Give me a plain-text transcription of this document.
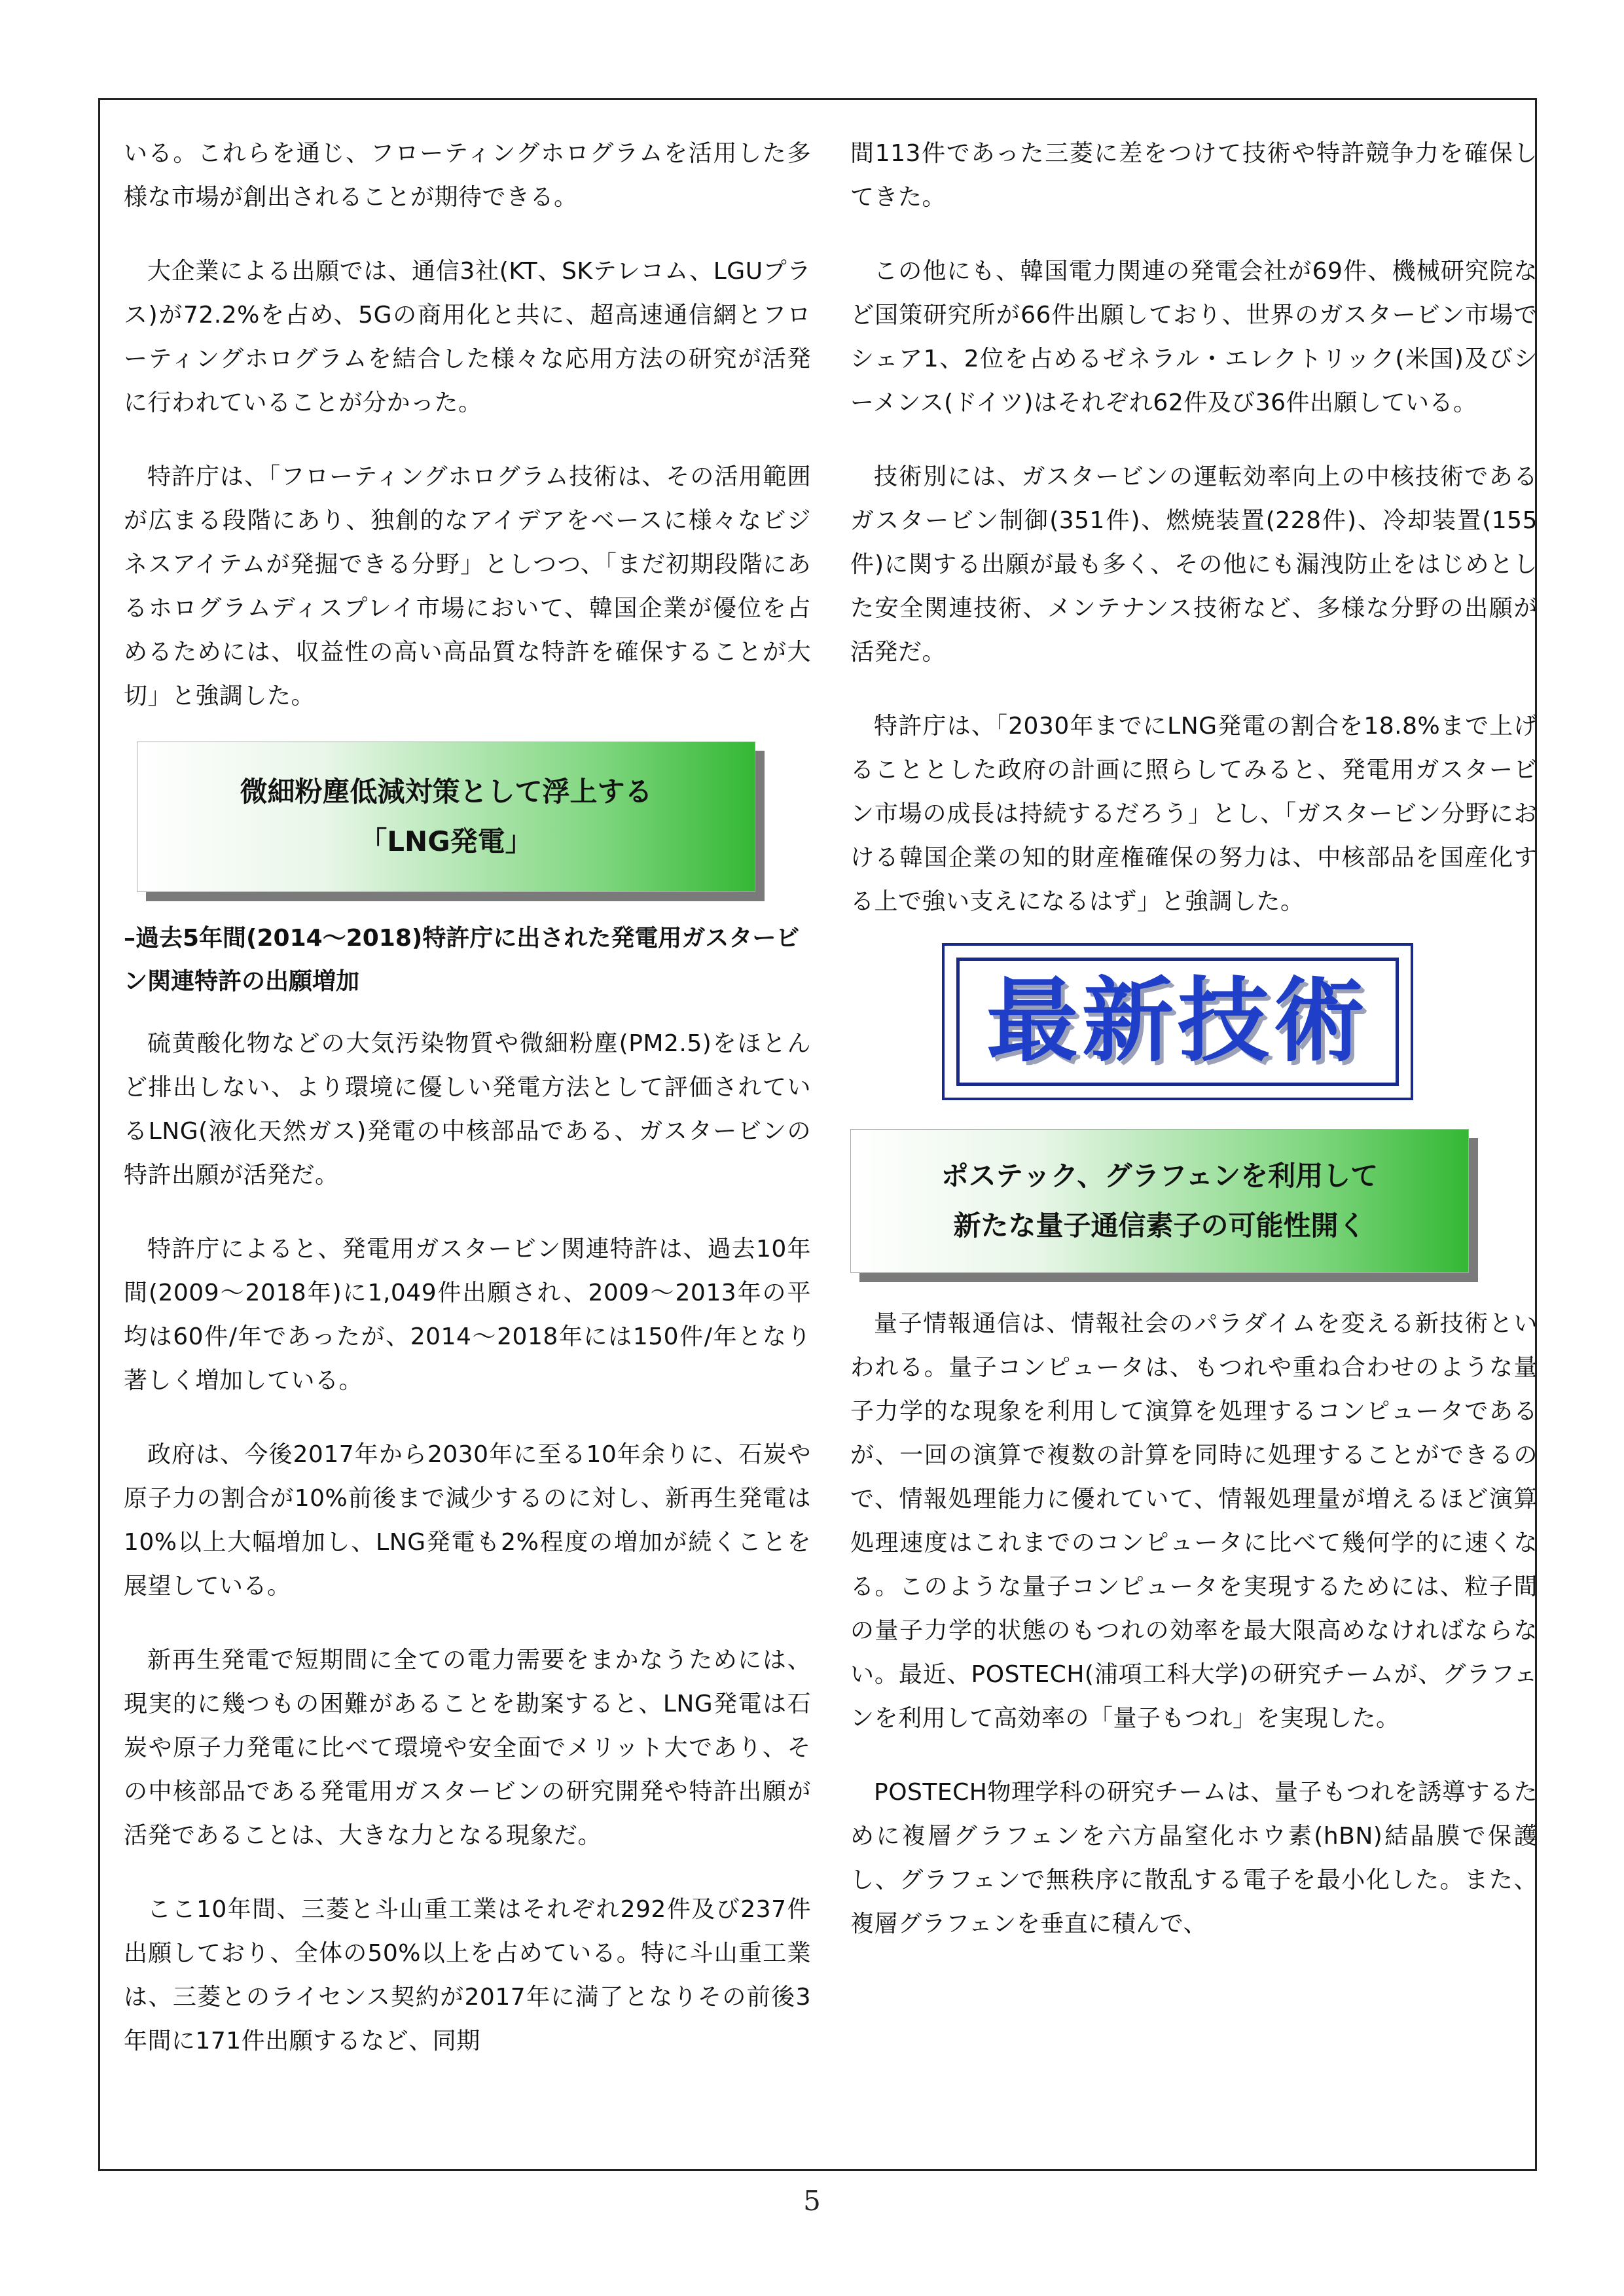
いる。これらを通じ、フローティングホログラムを活用した多様な市場が創出されることが期待できる。

大企業による出願では、通信3社(KT、SKテレコム、LGUプラス)が72.2%を占め、5Gの商用化と共に、超高速通信網とフローティングホログラムを結合した様々な応用方法の研究が活発に行われていることが分かった。

特許庁は、「フローティングホログラム技術は、その活用範囲が広まる段階にあり、独創的なアイデアをベースに様々なビジネスアイテムが発掘できる分野」としつつ、「まだ初期段階にあるホログラムディスプレイ市場において、韓国企業が優位を占めるためには、収益性の高い高品質な特許を確保することが大切」と強調した。

微細粉塵低減対策として浮上する
「LNG発電」
–過去5年間(2014～2018)特許庁に出された発電用ガスタービン関連特許の出願増加

硫黄酸化物などの大気汚染物質や微細粉塵(PM2.5)をほとんど排出しない、より環境に優しい発電方法として評価されているLNG(液化天然ガス)発電の中核部品である、ガスタービンの特許出願が活発だ。

特許庁によると、発電用ガスタービン関連特許は、過去10年間(2009～2018年)に1,049件出願され、2009～2013年の平均は60件/年であったが、2014～2018年には150件/年となり著しく増加している。

政府は、今後2017年から2030年に至る10年余りに、石炭や原子力の割合が10%前後まで減少するのに対し、新再生発電は10%以上大幅増加し、LNG発電も2%程度の増加が続くことを展望している。

新再生発電で短期間に全ての電力需要をまかなうためには、現実的に幾つもの困難があることを勘案すると、LNG発電は石炭や原子力発電に比べて環境や安全面でメリット大であり、その中核部品である発電用ガスタービンの研究開発や特許出願が活発であることは、大きな力となる現象だ。

ここ10年間、三菱と斗山重工業はそれぞれ292件及び237件出願しており、全体の50%以上を占めている。特に斗山重工業は、三菱とのライセンス契約が2017年に満了となりその前後3年間に171件出願するなど、同期

間113件であった三菱に差をつけて技術や特許競争力を確保してきた。

この他にも、韓国電力関連の発電会社が69件、機械研究院など国策研究所が66件出願しており、世界のガスタービン市場でシェア1、2位を占めるゼネラル・エレクトリック(米国)及びシーメンス(ドイツ)はそれぞれ62件及び36件出願している。

技術別には、ガスタービンの運転効率向上の中核技術であるガスタービン制御(351件)、燃焼装置(228件)、冷却装置(155件)に関する出願が最も多く、その他にも漏洩防止をはじめとした安全関連技術、メンテナンス技術など、多様な分野の出願が活発だ。

特許庁は、「2030年までにLNG発電の割合を18.8%まで上げることとした政府の計画に照らしてみると、発電用ガスタービン市場の成長は持続するだろう」とし、「ガスタービン分野における韓国企業の知的財産権確保の努力は、中核部品を国産化する上で強い支えになるはず」と強調した。

最新技術
ポステック、グラフェンを利用して
新たな量子通信素子の可能性開く

量子情報通信は、情報社会のパラダイムを変える新技術といわれる。量子コンピュータは、もつれや重ね合わせのような量子力学的な現象を利用して演算を処理するコンピュータであるが、一回の演算で複数の計算を同時に処理することができるので、情報処理能力に優れていて、情報処理量が増えるほど演算処理速度はこれまでのコンピュータに比べて幾何学的に速くなる。このような量子コンピュータを実現するためには、粒子間の量子力学的状態のもつれの効率を最大限高めなければならない。最近、POSTECH(浦項工科大学)の研究チームが、グラフェンを利用して高効率の「量子もつれ」を実現した。

POSTECH物理学科の研究チームは、量子もつれを誘導するために複層グラフェンを六方晶窒化ホウ素(hBN)結晶膜で保護し、グラフェンで無秩序に散乱する電子を最小化した。また、複層グラフェンを垂直に積んで、

5
